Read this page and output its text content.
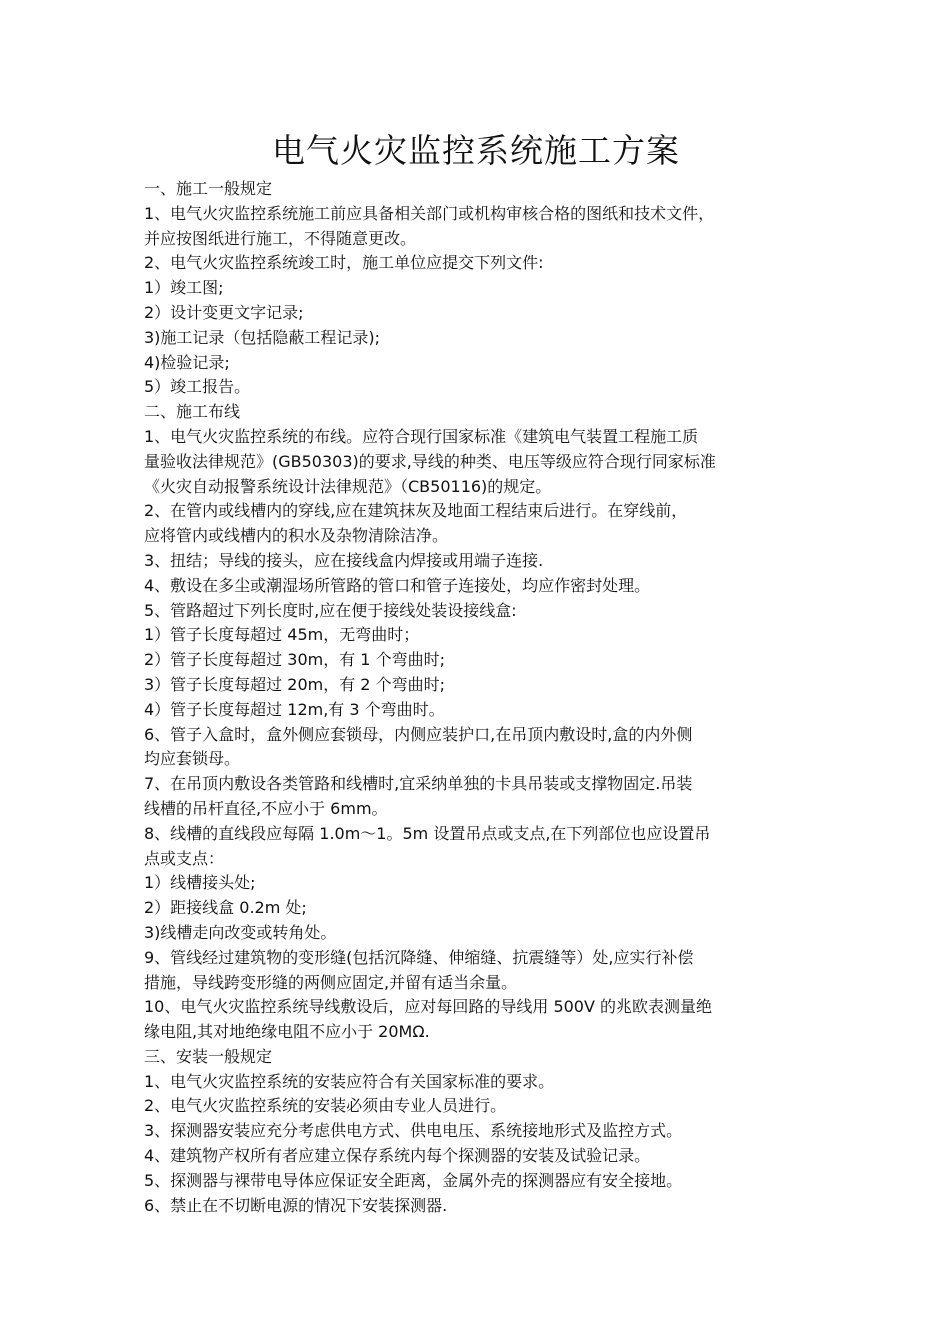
电气火灾监控系统施工方案

一、施工一般规定

1、电气火灾监控系统施工前应具备相关部门或机构审核合格的图纸和技术文件，

并应按图纸进行施工，不得随意更改。

2、电气火灾监控系统竣工时，施工单位应提交下列文件:

1）竣工图;

2）设计变更文字记录;

3)施工记录（包括隐蔽工程记录);

4)检验记录;

5）竣工报告。

二、施工布线

1、电气火灾监控系统的布线。应符合现行国家标准《建筑电气装置工程施工质

量验收法律规范》(GB50303)的要求,导线的种类、电压等级应符合现行同家标准

《火灾自动报警系统设计法律规范》（CB50116)的规定。

2、在管内或线槽内的穿线,应在建筑抹灰及地面工程结束后进行。在穿线前，

应将管内或线槽内的积水及杂物清除洁净。

3、扭结；导线的接头，应在接线盒内焊接或用端子连接.

4、敷设在多尘或潮湿场所管路的管口和管子连接处，均应作密封处理。

5、管路超过下列长度时,应在便于接线处装设接线盒:

1）管子长度每超过 45m，无弯曲时；

2）管子长度每超过 30m，有 1 个弯曲时;

3）管子长度每超过 20m，有 2 个弯曲时;

4）管子长度每超过 12m,有 3 个弯曲时。

6、管子入盒时，盒外侧应套锁母，内侧应装护口,在吊顶内敷设时,盒的内外侧

均应套锁母。

7、在吊顶内敷设各类管路和线槽时,宜采纳单独的卡具吊装或支撑物固定.吊装

线槽的吊杆直径,不应小于 6mm。

8、线槽的直线段应每隔 1.0m～1。5m 设置吊点或支点,在下列部位也应设置吊

点或支点：

1）线槽接头处;

2）距接线盒 0.2m 处;

3)线槽走向改变或转角处。

9、管线经过建筑物的变形缝(包括沉降缝、伸缩缝、抗震缝等）处,应实行补偿

措施，导线跨变形缝的两侧应固定,并留有适当余量。

10、电气火灾监控系统导线敷设后，应对每回路的导线用 500V 的兆欧表测量绝

缘电阻,其对地绝缘电阻不应小于 20MΩ.

三、安装一般规定

1、电气火灾监控系统的安装应符合有关国家标准的要求。

2、电气火灾监控系统的安装必须由专业人员进行。

3、探测器安装应充分考虑供电方式、供电电压、系统接地形式及监控方式。

4、建筑物产权所有者应建立保存系统内每个探测器的安装及试验记录。

5、探测器与裸带电导体应保证安全距离，金属外壳的探测器应有安全接地。

6、禁止在不切断电源的情况下安装探测器.
